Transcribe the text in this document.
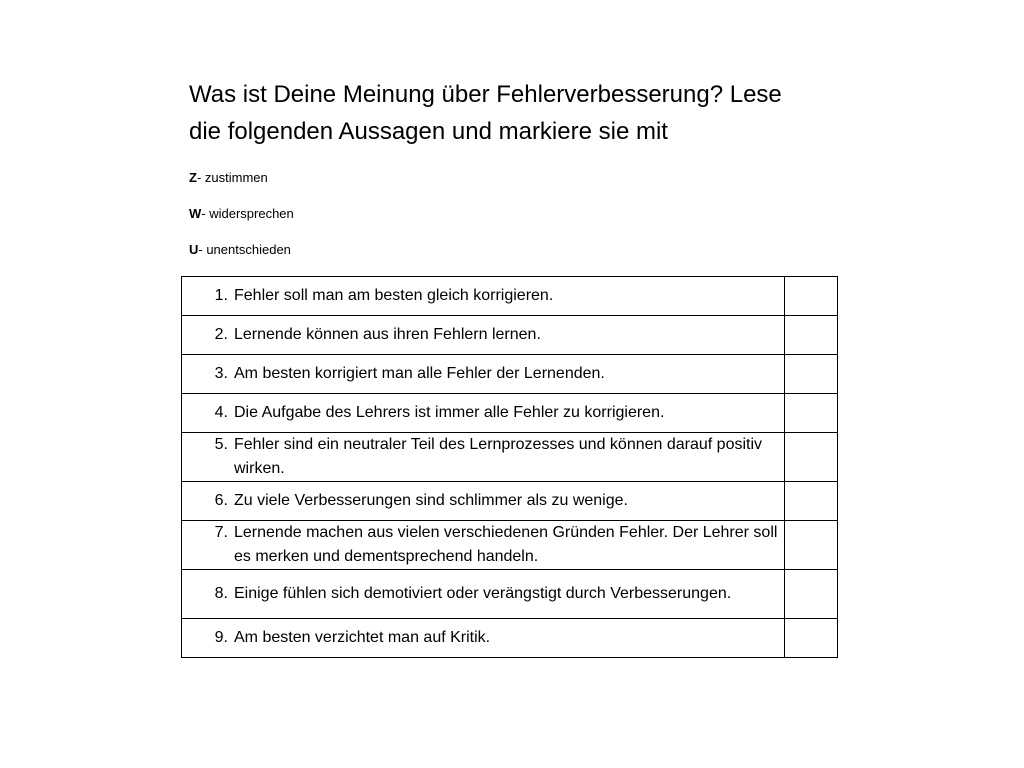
Was ist Deine Meinung über Fehlerverbesserung? Lese
die folgenden Aussagen und markiere sie mit

Z- zustimmen

W- widersprechen

U- unentschieden

1. Fehler soll man am besten gleich korrigieren.	

2. Lernende können aus ihren Fehlern lernen.	

3. Am besten korrigiert man alle Fehler der Lernenden.	

4. Die Aufgabe des Lehrers ist immer alle Fehler zu korrigieren.	

5. Fehler sind ein neutraler Teil des Lernprozesses und können darauf positiv wirken.	

6. Zu viele Verbesserungen sind schlimmer als zu wenige.	

7. Lernende machen aus vielen verschiedenen Gründen Fehler. Der Lehrer soll es merken und dementsprechend handeln.	

8. Einige fühlen sich demotiviert oder verängstigt durch Verbesserungen.	

9. Am besten verzichtet man auf Kritik.	
